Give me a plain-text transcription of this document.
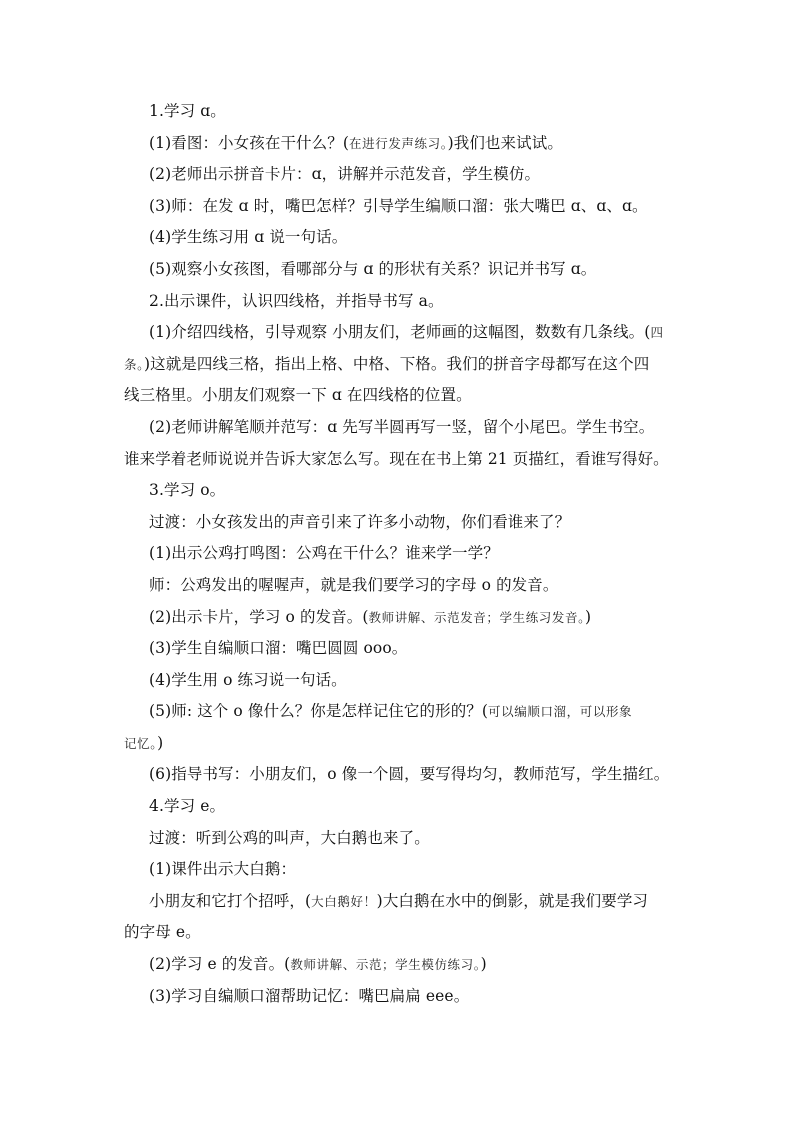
1.学习 ɑ。
(1)看图：小女孩在干什么？(在进行发声练习。)我们也来试试。
(2)老师出示拼音卡片：ɑ，讲解并示范发音，学生模仿。
(3)师：在发 ɑ 时，嘴巴怎样？引导学生编顺口溜：张大嘴巴 ɑ、ɑ、ɑ。
(4)学生练习用 ɑ 说一句话。
(5)观察小女孩图，看哪部分与 ɑ 的形状有关系？识记并书写 ɑ。
2.出示课件，认识四线格，并指导书写 a。
(1)介绍四线格，引导观察 小朋友们，老师画的这幅图，数数有几条线。(四
条。)这就是四线三格，指出上格、中格、下格。我们的拼音字母都写在这个四
线三格里。小朋友们观察一下 ɑ 在四线格的位置。
(2)老师讲解笔顺并范写：ɑ 先写半圆再写一竖，留个小尾巴。学生书空。
谁来学着老师说说并告诉大家怎么写。现在在书上第 21 页描红，看谁写得好。
3.学习 o。
过渡：小女孩发出的声音引来了许多小动物，你们看谁来了？
(1)出示公鸡打鸣图：公鸡在干什么？谁来学一学？
师：公鸡发出的喔喔声，就是我们要学习的字母 o 的发音。
(2)出示卡片，学习 o 的发音。(教师讲解、示范发音；学生练习发音。)
(3)学生自编顺口溜：嘴巴圆圆 ooo。
(4)学生用 o 练习说一句话。
(5)师: 这个 o 像什么？你是怎样记住它的形的？(可以编顺口溜，可以形象
记忆。)
(6)指导书写：小朋友们，o 像一个圆，要写得均匀，教师范写，学生描红。
4.学习 e。
过渡：听到公鸡的叫声，大白鹅也来了。
(1)课件出示大白鹅：
小朋友和它打个招呼，(大白鹅好！)大白鹅在水中的倒影，就是我们要学习
的字母 e。
(2)学习 e 的发音。(教师讲解、示范；学生模仿练习。)
(3)学习自编顺口溜帮助记忆：嘴巴扁扁 eee。
